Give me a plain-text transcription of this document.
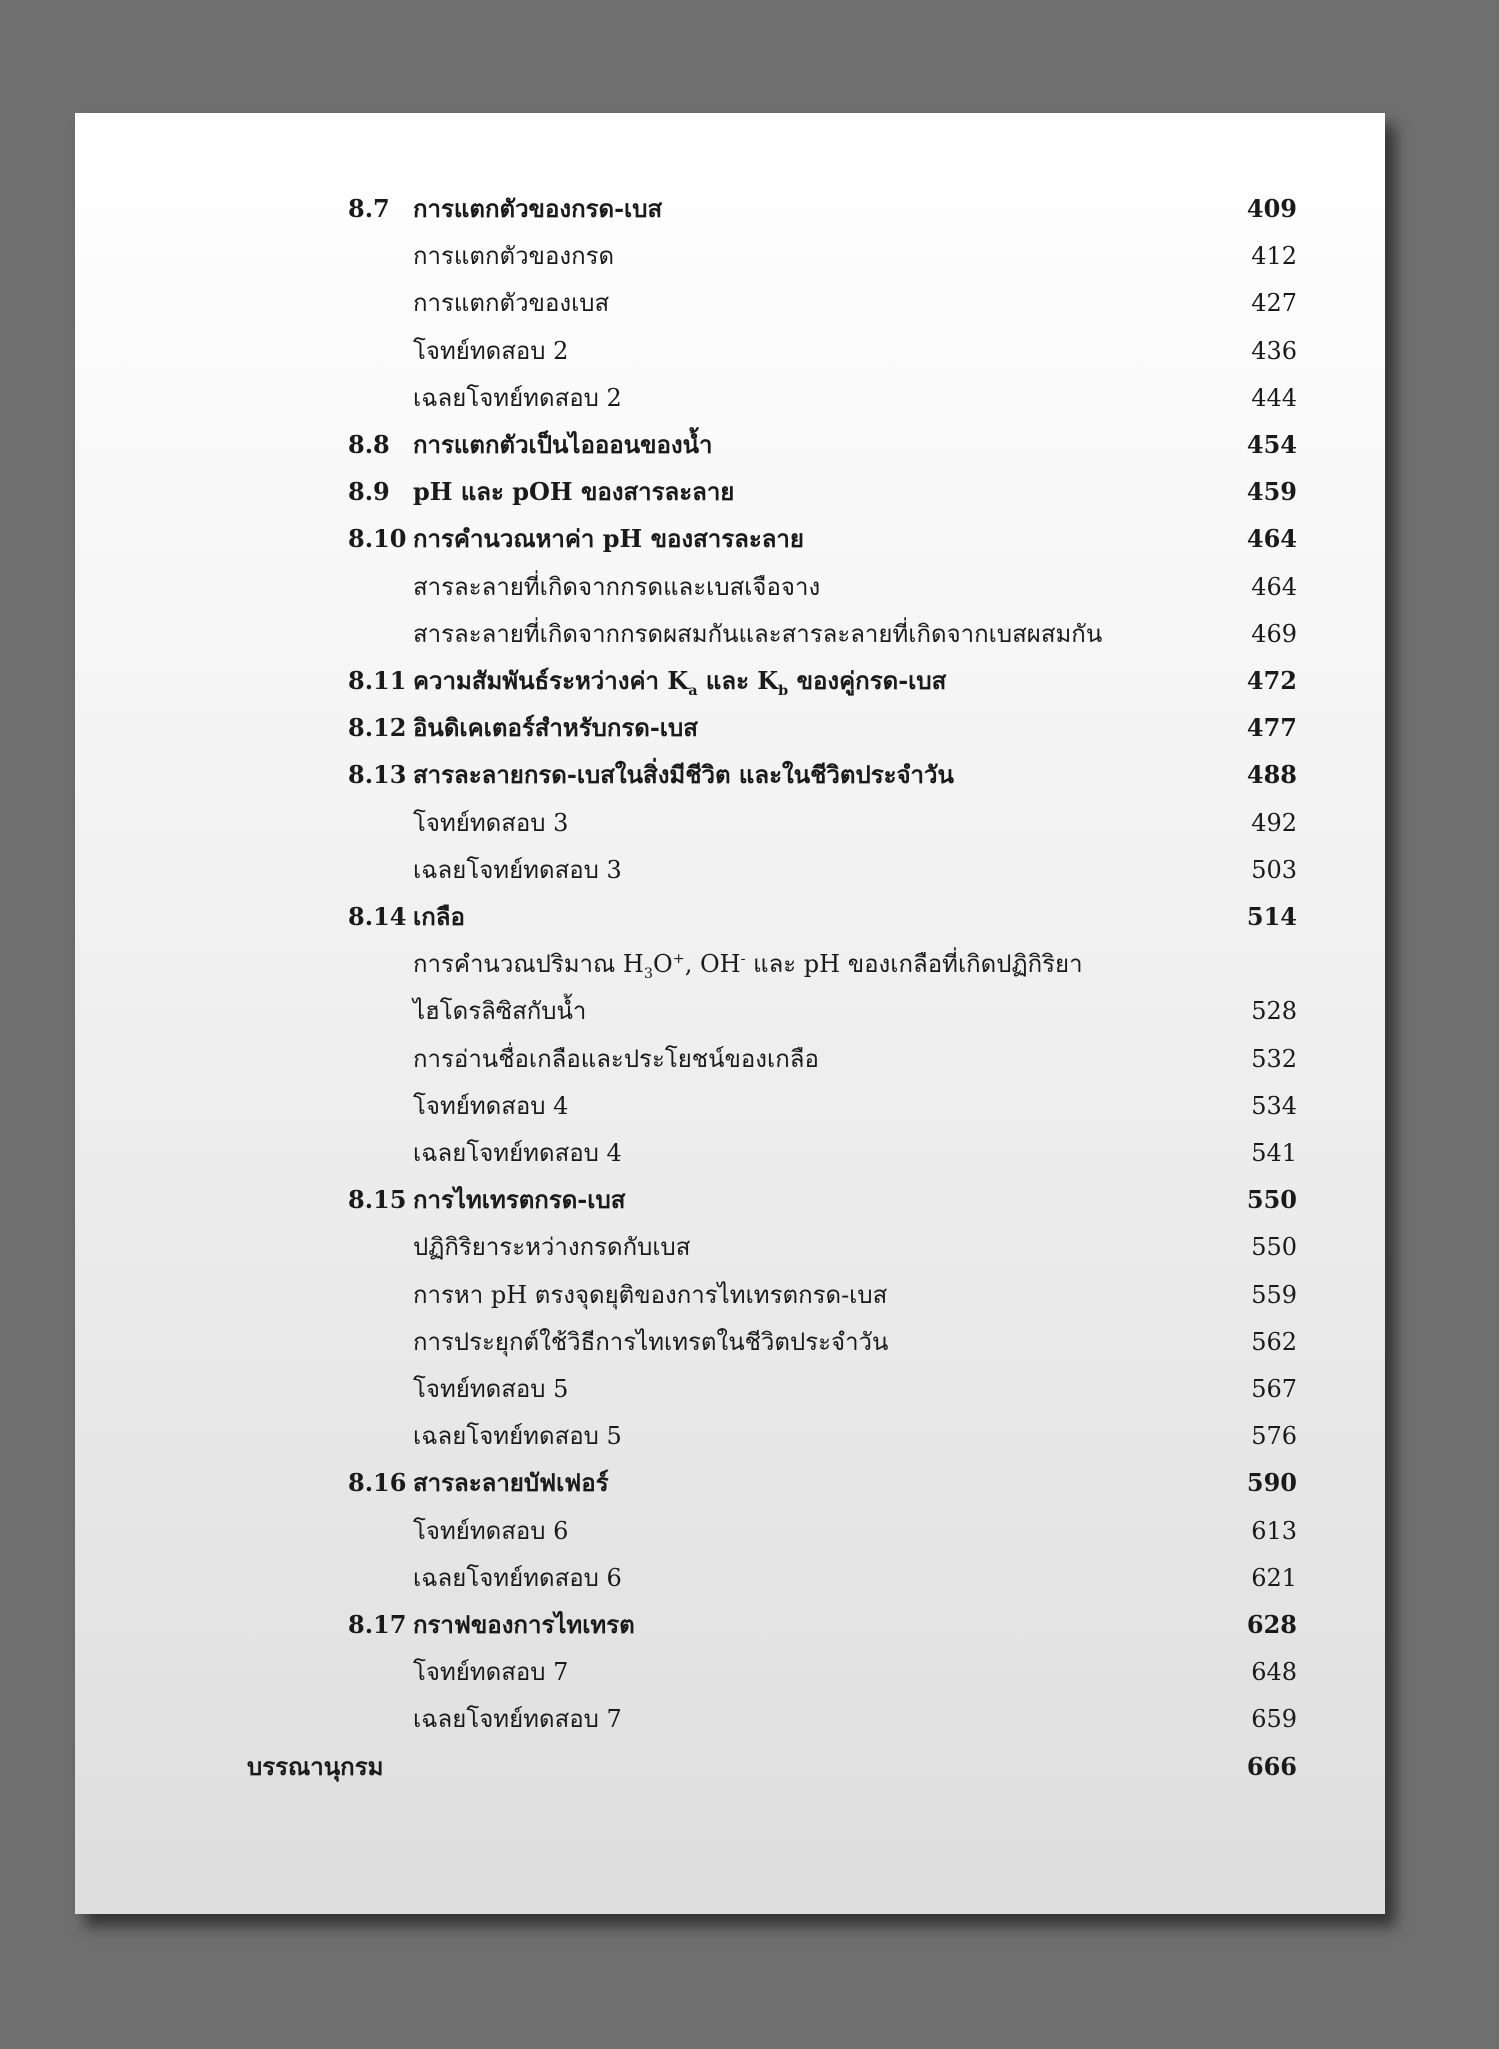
8.7 การแตกตัวของกรด-เบส	409
การแตกตัวของกรด	412
การแตกตัวของเบส	427
โจทย์ทดสอบ 2	436
เฉลยโจทย์ทดสอบ 2	444
8.8 การแตกตัวเป็นไอออนของน้ำ	454
8.9 pH และ pOH ของสารละลาย	459
8.10 การคำนวณหาค่า pH ของสารละลาย	464
สารละลายที่เกิดจากกรดและเบสเจือจาง	464
สารละลายที่เกิดจากกรดผสมกันและสารละลายที่เกิดจากเบสผสมกัน	469
8.11 ความสัมพันธ์ระหว่างค่า $K_a$ และ $K_b$ ของคู่กรด-เบส	472
8.12 อินดิเคเตอร์สำหรับกรด-เบส	477
8.13 สารละลายกรด-เบสในสิ่งมีชีวิต และในชีวิตประจำวัน	488
โจทย์ทดสอบ 3	492
เฉลยโจทย์ทดสอบ 3	503
8.14 เกลือ	514
การคำนวณปริมาณ $H_3O^+$, OH- และ pH ของเกลือที่เกิดปฏิกิริยา
ไฮโดรลิซิสกับน้ำ	528
การอ่านชื่อเกลือและประโยชน์ของเกลือ	532
โจทย์ทดสอบ 4	534
เฉลยโจทย์ทดสอบ 4	541
8.15 การไทเทรตกรด-เบส	550
ปฏิกิริยาระหว่างกรดกับเบส	550
การหา pH ตรงจุดยุติของการไทเทรตกรด-เบส	559
การประยุกต์ใช้วิธีการไทเทรตในชีวิตประจำวัน	562
โจทย์ทดสอบ 5	567
เฉลยโจทย์ทดสอบ 5	576
8.16 สารละลายบัฟเฟอร์	590
โจทย์ทดสอบ 6	613
เฉลยโจทย์ทดสอบ 6	621
8.17 กราฟของการไทเทรต	628
โจทย์ทดสอบ 7	648
เฉลยโจทย์ทดสอบ 7	659
บรรณานุกรม	666
